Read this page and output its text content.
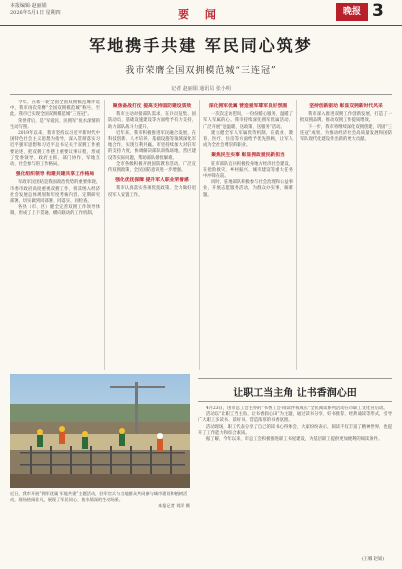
本报编辑·赵丽娟
2026年5月1日 星期四	要 闻	晚报 3
军地携手共建 军民同心筑梦
我市荣膺全国双拥模范城“三连冠”
记者 赵丽娟 通讯员 张小明

今年，在新一轮全国全国双拥模范城评选中，我市再次荣膺“全国双拥模范城”称号，至此，我市已实现全国双拥模范城“三连冠”。

荣誉背后，是“军爱民、民拥军”鱼水深情的生动写照。

2019年以来，我市坚持以习近平新时代中国特色社会主义思想为指导，深入贯彻落实习近平强军思想和习近平总书记关于双拥工作重要论述，把双拥工作摆上重要议事日程，形成了党委领导、政府主抓、部门协作、军地互动、社会参与的工作格局。

强化组织领导 构建共建共享工作格局

军政军民团结是我国政治优势的重要体现。市委市政府高度重视双拥工作，将其纳入经济社会发展总体规划和年度考核内容，定期研究部署，切实做到同部署、同落实、同检查。

各县（市、区）健全完善双拥工作领导体制，形成了上下贯通、横向联动的工作机制。

聚焦备战打仗 提高支持国防建设质效

我市主动对接部队需求，在兵员征集、国防动员、基础设施建设等方面给予有力支持，助力部队战斗力提升。

近年来，我市积极推进军民融合发展，在科技创新、人才培养、基础设施等领域深化军地合作，实现互利共赢。市里持续加大对驻军的支持力度，协调解决部队训练场地、营区建设等实际问题，帮助部队排忧解难。

全市各级积极开展国防教育活动，广泛宣传双拥政策，全民国防意识进一步增强。

强化优抚保障 提升军人职业荣誉感

我市认真落实各项优抚政策，全力做好退役军人安置工作。

深化拥军优属 营造爱军尊军良好氛围

一次次走访慰问，一份份暖心服务，温暖了军人军属的心。我市持续深化拥军优属活动，广泛开展“送温暖、送政策、送服务”活动。

建立健全军人军属优待机制，在就业、教育、医疗、住房等方面给予优先照顾，让军人成为全社会尊崇的职业。

聚焦民生实事 彰显拥政爱民新担当

驻市部队官兵积极投身地方经济社会建设，在抢险救灾、乡村振兴、城市建设等重大任务中冲锋在前。

同时，驻地部队积极参与社会治理和公益事业，开展志愿服务活动，为群众办实事、解难题。

坚持创新驱动 彰显双拥新时代风采

我市深入推进双拥工作创新发展，打造了一批双拥品牌，推动双拥工作提质增效。

下一步，我市将继续深化双拥创建，巩固“三连冠”成果，为推动经济社会高质量发展和国防军队现代化建设作出新的更大贡献。

近日，我市开展“拥军优属 军地共建”主题活动，驻军官兵与当地群众共同参与城市建设和植树活动，现场热闹非凡，展现了军民同心、鱼水情深的生动场景。
本报记者 刘洋 摄
让职工当主角 让书香润心田

4月23日，由市总工会主办的“书香工会·阅读伴我成长”全民阅读系列活动在市职工文化宫启动。

活动以“让职工当主角、让书香润心田”为主题，通过读书分享、好书推荐、经典诵读等形式，引导广大职工多读书、读好书，营造浓厚的书香氛围。

活动现场，职工代表分享了自己的读书心得体会，大家纷纷表示，阅读不仅丰富了精神世界，也提升了工作能力和综合素质。

据了解，今年以来，市总工会积极推进职工书屋建设，为基层职工提供更加便利的阅读条件。

(王娜 赵斌)
